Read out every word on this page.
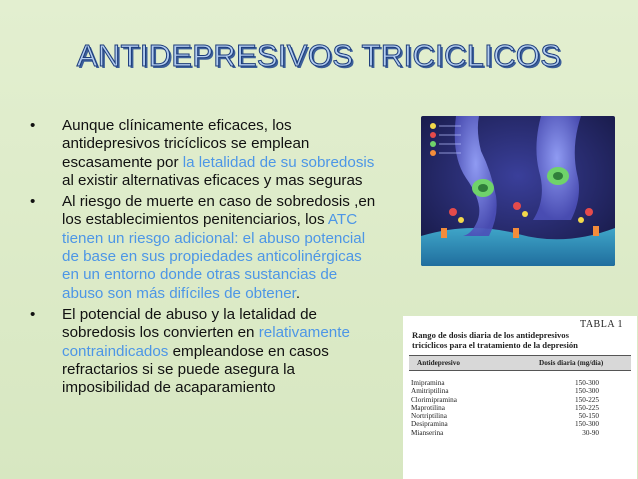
ANTIDEPRESIVOS TRICICLICOS
• Aunque clínicamente eficaces, los antidepresivos tricíclicos se emplean escasamente por la letalidad de su sobredosis al existir alternativas eficaces y mas seguras
• Al riesgo de muerte en caso de sobredosis ,en los establecimientos penitenciarios, los ATC tienen un riesgo adicional: el abuso potencial de base en sus propiedades anticolinérgicas en un entorno donde otras sustancias de abuso son más difíciles de obtener.
• El potencial de abuso y la letalidad de sobredosis los convierten en relativamente contraindicados empleandose en casos refractarios si se puede asegura la imposibilidad de acaparamiento
TABLA 1
Rango de dosis diaria de los antidepresivos
tricíclicos para el tratamiento de la depresión
Antidepresivo	Dosis diaria (mg/día)
Imipramina	150-300
Amitriptilina	150-300
Clorimipramina	150-225
Maprotilina	150-225
Nortriptilina	50-150
Desipramina	150-300
Mianserina	30-90
